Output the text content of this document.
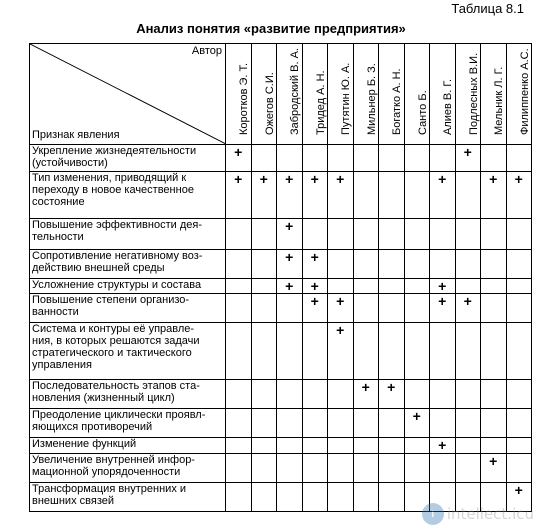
Таблица 8.1
Анализ понятия «развитие предприятия»
Автор
Признак явления	Коротков Э. Т.	Ожегов С.И.	Забродский В. А.	Тридед А. Н.	Путятин Ю. А.	Мильнер Б. З.	Богатко А. Н.	Санто Б.	Алиев В. Г.	Подлесных В.И.	Мельник Л. Г.	Филиппенко А.С.

Укрепление жизнедеятельности
(устойчивости)	+									+		

Тип изменения, приводящий к
переходу в новое качественное
состояние	+	+	+	+	+				+		+	+

Повышение эффективности дея-
тельности			+									

Сопротивление негативному воз-
действию внешней среды			+	+								

Усложнение структуры и состава			+	+					+			

Повышение степени организо-
ванности				+	+				+	+		

Система и контуры её управле-
ния, в которых решаются задачи
стратегического и тактического
управления					+							

Последовательность этапов ста-
новления (жизненный цикл)						+	+					

Преодоление циклически проявл-
яющихся противоречий								+				

Изменение функций									+			

Увеличение внутренней инфор-
мационной упорядоченности											+	

Трансформация внутренних и
внешних связей												+
i intellect.icu
